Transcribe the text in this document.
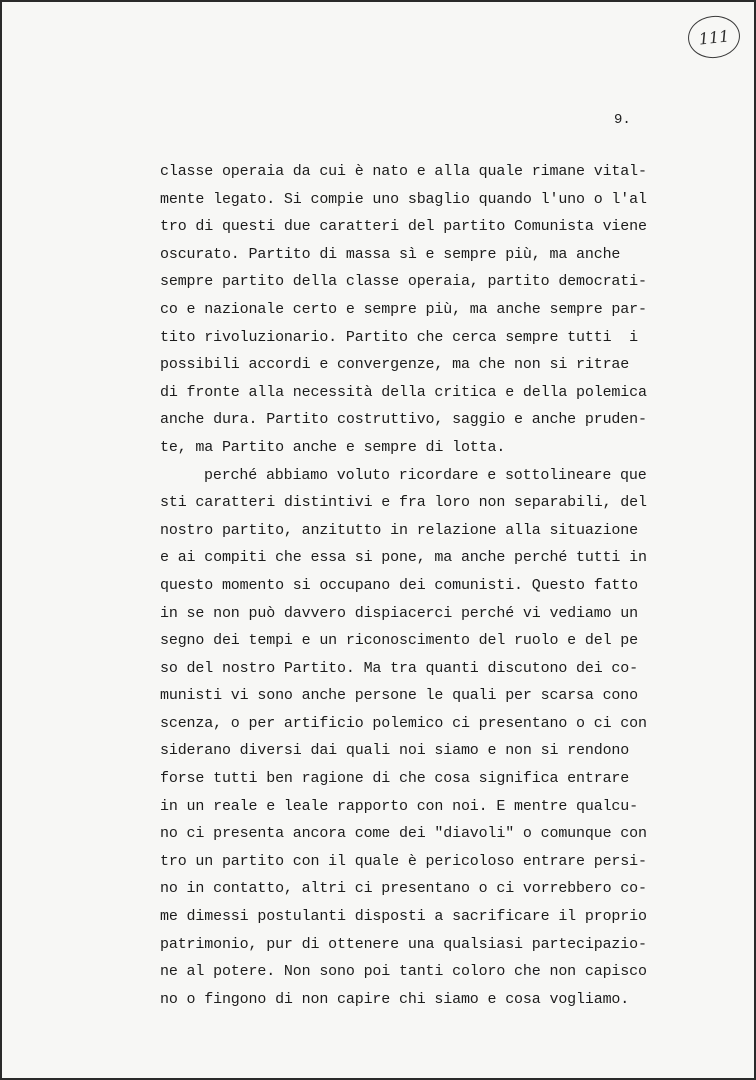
111
9.
classe operaia da cui è nato e alla quale rimane vital-
mente legato. Si compie uno sbaglio quando l'uno o l'al
tro di questi due caratteri del partito Comunista viene
oscurato. Partito di massa sì e sempre più, ma anche
sempre partito della classe operaia, partito democrati-
co e nazionale certo e sempre più, ma anche sempre par-
tito rivoluzionario. Partito che cerca sempre tutti  i
possibili accordi e convergenze, ma che non si ritrae
di fronte alla necessità della critica e della polemica
anche dura. Partito costruttivo, saggio e anche pruden-
te, ma Partito anche e sempre di lotta.
perché abbiamo voluto ricordare e sottolineare que
sti caratteri distintivi e fra loro non separabili, del
nostro partito, anzitutto in relazione alla situazione
e ai compiti che essa si pone, ma anche perché tutti in
questo momento si occupano dei comunisti. Questo fatto
in se non può davvero dispiacerci perché vi vediamo un
segno dei tempi e un riconoscimento del ruolo e del pe
so del nostro Partito. Ma tra quanti discutono dei co-
munisti vi sono anche persone le quali per scarsa cono
scenza, o per artificio polemico ci presentano o ci con
siderano diversi dai quali noi siamo e non si rendono
forse tutti ben ragione di che cosa significa entrare
in un reale e leale rapporto con noi. E mentre qualcu-
no ci presenta ancora come dei "diavoli" o comunque con
tro un partito con il quale è pericoloso entrare persi-
no in contatto, altri ci presentano o ci vorrebbero co-
me dimessi postulanti disposti a sacrificare il proprio
patrimonio, pur di ottenere una qualsiasi partecipazio-
ne al potere. Non sono poi tanti coloro che non capisco
no o fingono di non capire chi siamo e cosa vogliamo.
